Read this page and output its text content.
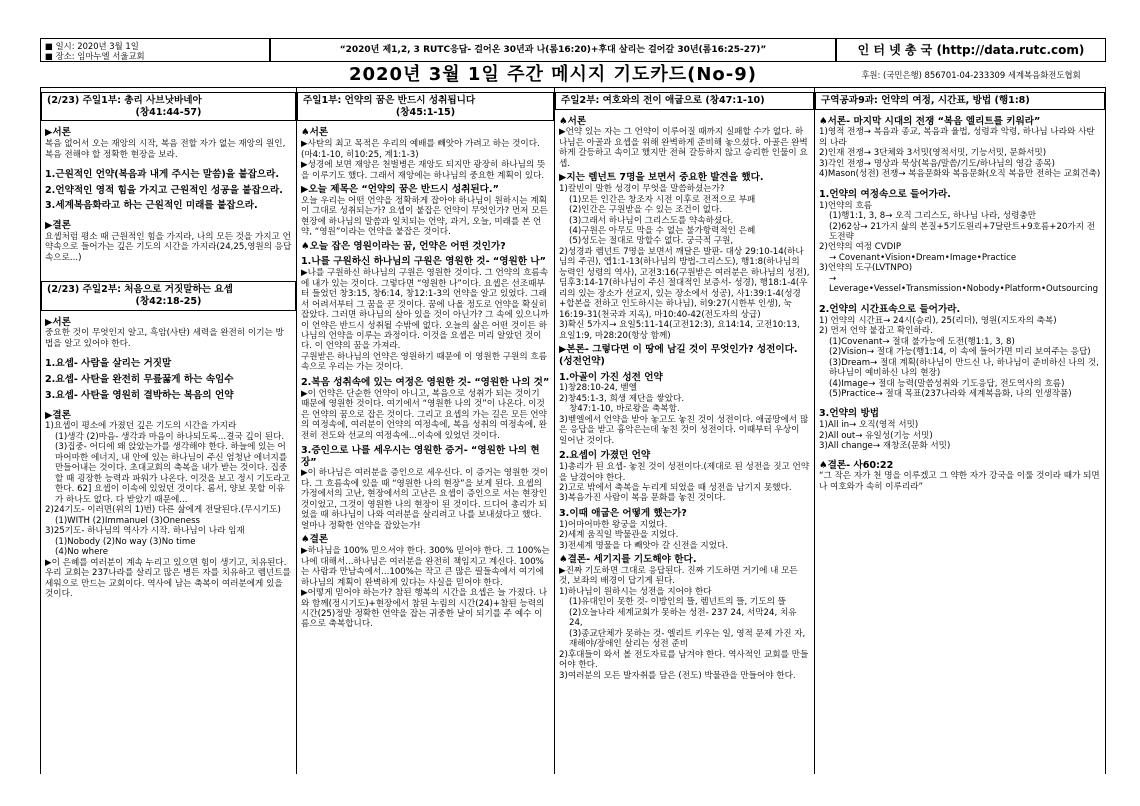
■ 일시: 2020년 3월 1일

■ 장소: 임마누엘 서울교회

“2020년 제1,2, 3 RUTC응답- 걸어온 30년과 나(롬16:20)+후대 살리는 걸어갈 30년(롬16:25-27)”	인 터 넷 총 국 (http://data.rutc.com)
2020년 3월 1일 주간 메시지 기도카드(No-9)	후원: (국민은행) 856701-04-233309 세계복음화전도협회
(2/23) 주일1부: 총리 사브낫바네아
(창41:44-57)

▶서론

복음 없어서 오는 재앙의 시작, 복음 전할 자가 없는 재앙의 원인, 복음 전해야 할 정확한 현장을 보라.

1.근원적인 언약(복음과 내게 주시는 말씀)을 붙잡으라.

2.언약적인 영적 힘을 가지고 근원적인 성공을 붙잡으라.

3.세계복음화라고 하는 근원적인 미래를 붙잡으라.

▶결론

요셉처럼 평소 때 근원적인 힘을 가지라, 나의 모든 것을 가지고 언약속으로 들어가는 깊은 기도의 시간을 가지라(24,25,영원의 응답속으로...)

(2/23) 주일2부: 처음으로 거짓말하는 요셉
(창42:18-25)

▶서론

중요한 것이 무엇인지 알고, 흑암(사탄) 세력을 완전히 이기는 방법을 알고 있어야 한다.

1.요셉- 사람을 살리는 거짓말

2.요셉- 사탄을 완전히 무릎꿇게 하는 속임수

3.요셉- 사탄을 영원히 결박하는 복음의 언약

▶결론

1)요셉이 평소에 가졌던 깊은 기도의 시간을 가지라

(1)생각 (2)마음- 생각과 마음이 하나되도록...결국 깊이 된다. (3)집중- 어디에 왜 앉았는가를 생각해야 한다. 하늘에 있는 어마어마한 에너지, 내 안에 있는 하나님이 주신 엄청난 에너지를 만들어내는 것이다. 초대교회의 축복을 내가 받는 것이다. 집중할 때 굉장한 능력과 파워가 나온다. 이것을 보고 정시 기도라고 한다. 62] 요셉이 이속에 있었던 것이다. 롬서, 양보 못할 이유가 하나도 없다. 다 받았기 때문에...

2)24기도- 이러면(위의 1)번) 다른 삶에게 전달된다.(무시기도)

(1)WITH (2)Immanuel (3)Oneness

3)25기도- 하나님의 역사가 시작. 하나님이 나라 임재

(1)Nobody (2)No way (3)No time

(4)No where

▶이 은혜를 여러분이 계속 누리고 있으면 힘이 생기고, 치유된다. 우리 교회는 237나라를 살리고 많은 병든 자를 치유하고 렘넌트를 세워으로 만드는 교회이다. 역사에 남는 축복이 여러분에게 있을 것이다.

주일1부: 언약의 꿈은 반드시 성취됩니다
(창45:1-15)

♠서론

▶사탄의 최고 목적은 우리의 예배를 빼앗아 가려고 하는 것이다.(마4:1-10, 히10:25, 계1:1-3)

▶성경에 보면 재앙은 천벌병은 재앙도 되지만 광장히 하나님의 뜻을 이루기도 했다. 그래서 재앙에는 하나님의 중요한 계획이 있다.

▶오늘 제목은 “언약의 꿈은 반드시 성취된다.”

오늘 우리는 어떤 언약을 정확하게 잡아야 하나님이 원하시는 계획이 그대로 성취되는가? 요셉이 붙잡은 언약이 무엇인가? 먼저 모든 현장에 하나님의 말씀과 일치되는 언약, 과거, 오늘, 미래를 본 언약, “영원”이라는 언약을 붙잡은 것이다.

♠오늘 잡은 영원이라는 꿈, 언약은 어떤 것인가?

1.나를 구원하신 하나님의 구원은 영원한 것- “영원한 나”

▶나를 구원하신 하나님의 구원은 영원한 것이다. 그 언약의 흐름속에 내가 있는 것이다. 그렇다면 “영원한 나”이다. 요셉은 선조때부터 들었던 창3:15, 창6:14, 창12:1-3의 언약을 알고 있었다. 그래서 어려서부터 그 꿈을 꾼 것이다. 꿈에 나올 정도로 언약을 확실히 잡았다. 그러면 하나님의 살아 있을 것이 아닌가? 그 속에 있으니까 이 언약은 반드시 성취될 수밖에 없다. 오늘의 삶은 어떤 것이든 하나님의 언약을 이루는 과정이다. 이것을 요셉은 미리 알았던 것이다. 이 언약의 꿈을 가져라.

구원받은 하나님의 언약은 영원하기 때문에 이 영원한 구원의 흐름속으로 우리는 가는 것이다.

2.복음 성취속에 있는 여정은 영원한 것- “영원한 나의 것”

▶이 언약은 단순한 언약이 아니고, 복음으로 성취가 되는 것이기 때문에 영원한 것이다. 여기에서 “영원한 나의 것”이 나온다. 이것은 언약의 꿈으로 잡은 것이다. 그리고 요셉의 가는 길은 모든 언약의 여정속에, 여러분이 언약의 여정속에, 복음 성취의 여정속에, 완전히 전도와 선교의 여정속에...이속에 있었던 것이다.

3.증인으로 나를 세우시는 영원한 증거- “영원한 나의 현장”

▶이 하나님은 여러분을 증인으로 세우신다. 이 증거는 영원한 것이다. 그 흐름속에 있을 때 “영원한 나의 현장”을 보게 된다. 요셉의 가정에서의 고난, 현장에서의 고난은 요셉이 증인으로 서는 현장인 것이었고, 그것이 영원한 나의 현장이 된 것이다. 드디어 총리가 되었을 때 하나님이 나와 여러분을 살리려고 나를 보내셨다고 했다. 얼마나 정확한 언약을 잡았는가!

♠결론

▶하나님을 100% 믿으셔야 한다. 300% 믿어야 한다. 그 100%는 나에 대해서...하나님은 여러분을 완전히 책임지고 계신다. 100%는 사람과 만남속에서...100%는 작고 큰 많은 필들속에서 여기에 하나님의 계획이 완벽하게 있다는 사실을 믿어야 한다.

▶어떻게 믿어야 하는가? 참된 행복의 시간을 요셉은 늘 가졌다. 나와 함께(정시기도)+현장에서 참된 누림의 시간(24)+참된 능력의 시간(25)정말 정확한 언약을 잡는 귀중한 날이 되기를 주 예수 이름으로 축복합니다.

주일2부: 여호와의 전이 애굽으로 (창47:1-10)

♠서론

▶언약 있는 자는 그 언약이 이루어질 때까지 실패할 수가 없다. 하나님은 아골과 요셉을 위해 완벽하게 준비해 놓으셨다. 아골은 완벽하게 갈등하고 속이고 했지만 전혀 갈등하지 않고 승리한 인물이 요셉.

▶지는 렘넌트 7명을 보면서 중요한 발견을 했다.

1)칼빈이 말한 성경이 무엇을 말씀하셨는가?

(1)모든 인간은 창조자 시전 이후로 전적으로 부패

(2)인간은 구원받을 수 있는 조건이 없다.

(3)그래서 하나님이 그리스도를 약속하셨다.

(4)구원은 아무도 막을 수 없는 불가항력적인 은혜

(5)성도는 절대로 망할수 없다. 궁극적 구원,

2)성경과 렘넌트 7명을 보면서 깨달은 발판- 대상 29:10-14(하나님의 주권), 엡1:1-13(하나님의 방법-그리스도), 행1:8(하나님의 능력인 성령의 역사), 고전3:16(구원받은 여러분은 하나님의 성전), 딤후3:14-17(하나님이 주신 절대적인 보증서- 성경), 행18:1-4(우리의 있는 장소가 선교지, 있는 장소에서 성공), 사1:39:1-4(성경+합본을 전하고 인도하시는 하나님), 히9:27(시한부 인생), 눅16:19-31(천국과 지옥), 마10:40-42(전도자의 상급)

3)확신 5가지→ 요일5:11-14(고전12:3), 요14:14, 고전10:13, 요일1:9, 마28:20(항상 함께)

▶본론- 그렇다면 이 땅에 남길 것이 무엇인가? 성전이다.(성전언약)

1.아골이 가진 성전 언약

1)창28:10-24, 벧엘

2)창45:1-3, 희생 제단을 쌓았다.

창47:1-10, 바로왕을 축복함.

3)벧엘에서 언약을 받아 놓고도 놓친 것이 성전이다. 애굽땅에서 많은 응답을 받고 흉악은는데 놓친 것이 성전이다. 이때부터 우상이 일어난 것이다.

2.요셉이 가졌던 언약

1)총리가 된 요셉- 놓친 것이 성전이다.(제대로 된 성전을 짓고 언약을 남겼어야 한다.

2)고로 밖에서 축복을 누리게 되었을 때 성전을 남기지 못했다.

3)복음가진 사람이 복음 문화를 놓친 것이다.

3.이때 애굽은 어떻게 했는가?

1)어마어마한 왕궁을 지었다.

2)세계 움직일 박물관을 지었다.

3)전세계 명물을 다 빼앗아 갈 신전을 지었다.

♠결론- 세기지를 기도해야 한다.

▶진짜 기도하면 그대로 응답된다. 진짜 기도하면 거기에 내 모든 것, 보좌의 배경이 답기게 된다.

1)하나님이 원하시는 성전을 지어야 한다

(1)유대인이 못한 것- 이방인의 뜰, 렘넌트의 뜰, 기도의 뜰

(2)오늘나라 세계교회가 못하는 성전- 237 24, 서막24, 치유24,

(3)종교단체가 못하는 것- 엘리트 키우는 일, 영적 문제 가진 자, 재해야/장애인 살리는 성전 준비

2)후대들이 와서 볼 전도자료를 남겨야 한다. 역사적인 교회를 만들어야 한다.

3)여러분의 모든 발자취를 담은 (전도) 박물관을 만들어야 한다.

구역공과9과: 언약의 여정, 시간표, 방법 (행1:8)

♠서론- 마지막 시대의 전쟁 “복음 엘리트를 키워라”

1)영적 전쟁→ 복음과 종교, 복음과 율법, 성령과 악령, 하나님 나라와 사탄의 나라

2)인재 전쟁→ 3단체와 3서밋(영적서밋, 기능서밋, 문화서밋)

3)각인 전쟁→ 명상과 묵상(복음/말씀/기도/하나님의 영감 종목)

4)Mason(성전) 전쟁→ 복음문화와 복음문화(오직 복음만 전하는 교회건축)

1.언약의 여정속으로 들어가라.

1)언약의 흐름

(1)행1:1, 3, 8→ 오직 그리스도, 하나님 나라, 성령충만

(2)62삼→ 21가지 삶의 본질+5기도원리+7달란트+9호름+20가지 전도전략

2)언약의 여정 CVDIP

→ Covenant•Vision•Dream•Image•Practice

3)언약의 도구(LVTNPO)

→ Leverage•Vessel•Transmission•Nobody•Platform•Outsourcing

2.언약의 시간표속으로 들어가라.

1) 언약의 시간표→ 24시(승리), 25(리더), 영원(지도자의 축복)

2) 먼저 언약 붙잡고 확인하라.

(1)Covenant→ 절대 불가능에 도전(행1:1, 3, 8)

(2)Vision→ 절대 가능(행1:14, 이 속에 들어가면 미리 보여주는 응답)

(3)Dream→ 절대 계획(하나님이 만드신 나, 하나님이 준비하신 나의 것, 하나님이 예비하신 나의 현장)

(4)Image→ 절대 능력(말씀성취와 기도응답, 전도역사의 흐름)

(5)Practice→ 절대 목표(237나라와 세계복음화, 나의 인생작품)

3.언약의 방법

1)All in→ 오직(영적 서밋)

2)All out→ 유일성(기능 서밋)

3)All change→ 재창조(문화 서밋)

♠결론- 사60:22

“그 작은 자가 천 명을 이루겠고 그 약한 자가 강국을 이룰 것이라 때가 되면 나 여호와가 속히 이루리라”
